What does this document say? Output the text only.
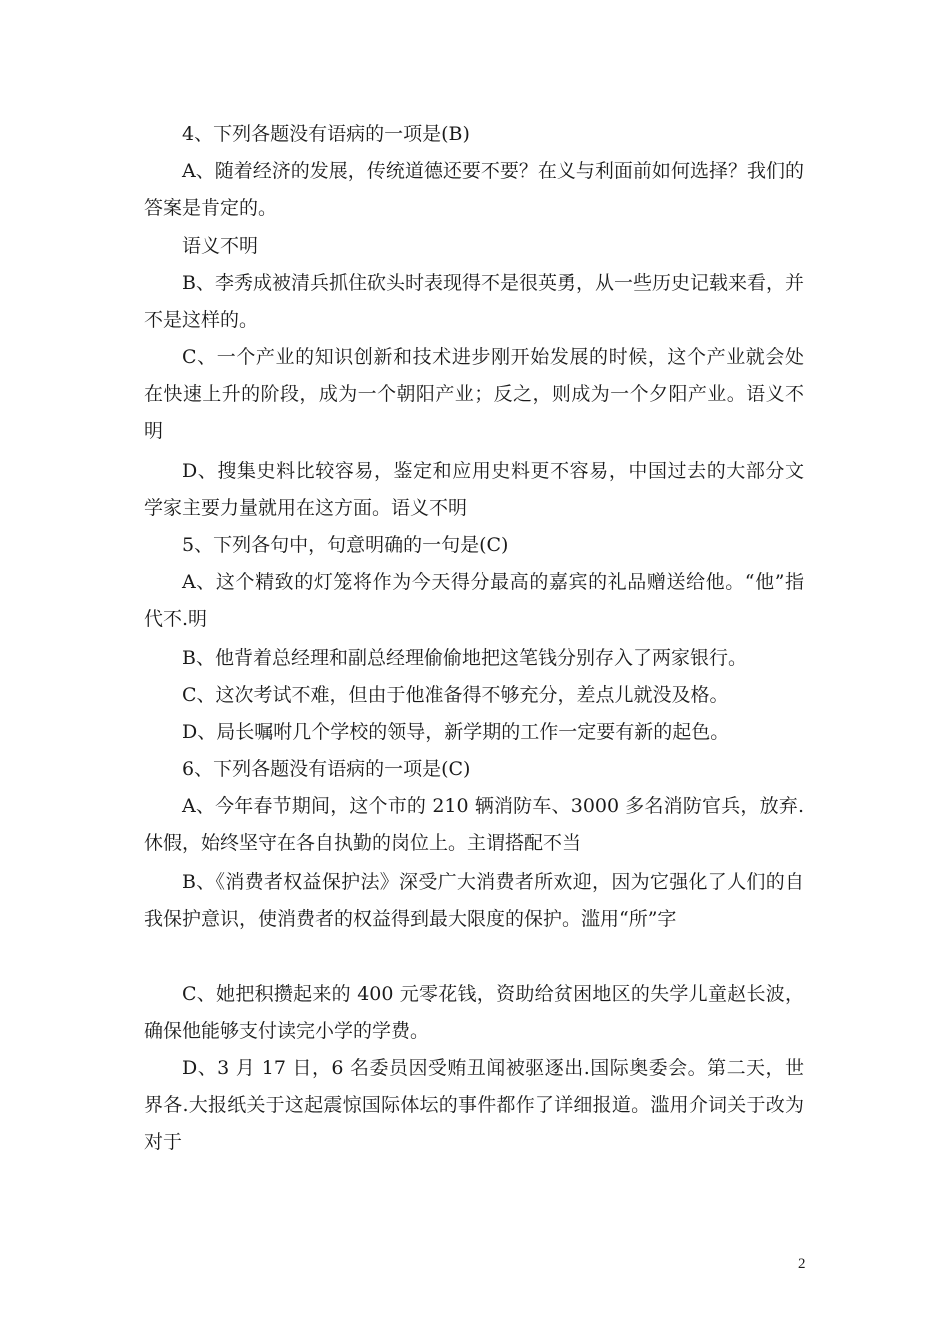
4、下列各题没有语病的一项是(B)

A、随着经济的发展，传统道德还要不要？在义与利面前如何选择？我们的答案是肯定的。

语义不明

B、李秀成被清兵抓住砍头时表现得不是很英勇，从一些历史记载来看，并不是这样的。

C、一个产业的知识创新和技术进步刚开始发展的时候，这个产业就会处在快速上升的阶段，成为一个朝阳产业；反之，则成为一个夕阳产业。语义不明

D、搜集史料比较容易，鉴定和应用史料更不容易，中国过去的大部分文学家主要力量就用在这方面。语义不明

5、下列各句中，句意明确的一句是(C)

A、这个精致的灯笼将作为今天得分最高的嘉宾的礼品赠送给他。“他”指代不.明

B、他背着总经理和副总经理偷偷地把这笔钱分别存入了两家银行。

C、这次考试不难，但由于他准备得不够充分，差点儿就没及格。

D、局长嘱咐几个学校的领导，新学期的工作一定要有新的起色。

6、下列各题没有语病的一项是(C)

A、今年春节期间，这个市的 210 辆消防车、3000 多名消防官兵，放弃.休假，始终坚守在各自执勤的岗位上。主谓搭配不当

B、《消费者权益保护法》深受广大消费者所欢迎，因为它强化了人们的自我保护意识，使消费者的权益得到最大限度的保护。滥用“所”字

C、她把积攒起来的 400 元零花钱，资助给贫困地区的失学儿童赵长波，确保他能够支付读完小学的学费。

D、3 月 17 日，6 名委员因受贿丑闻被驱逐出.国际奥委会。第二天，世界各.大报纸关于这起震惊国际体坛的事件都作了详细报道。滥用介词关于改为对于

2
